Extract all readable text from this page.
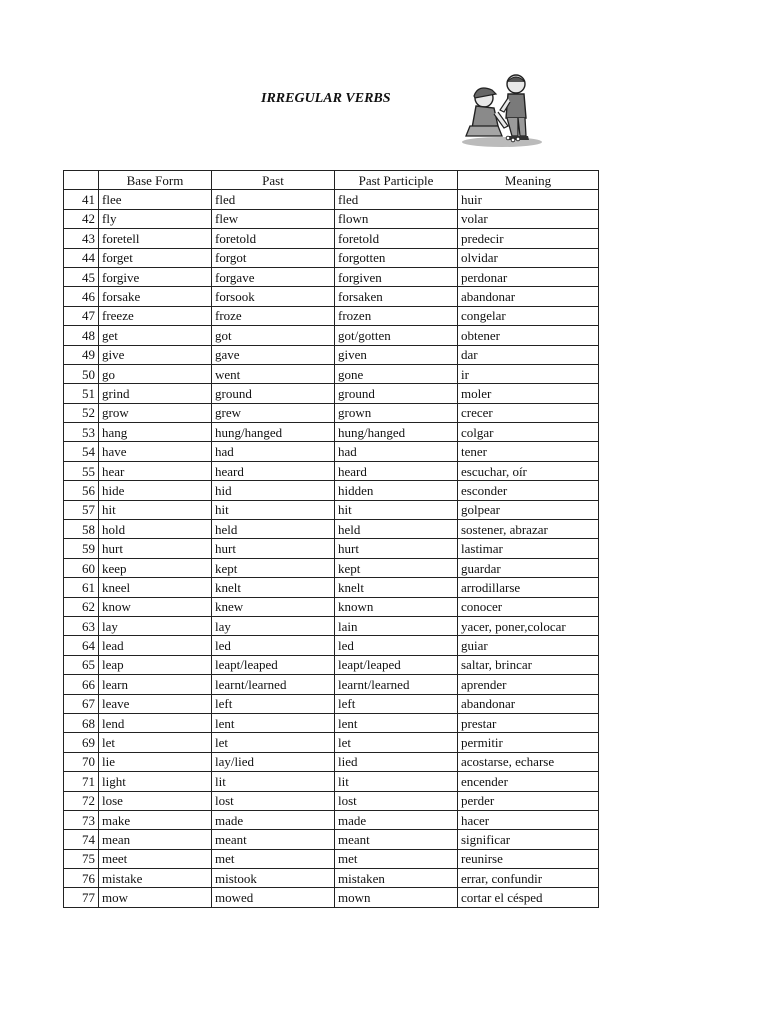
IRREGULAR VERBS
	Base Form	Past	Past Participle	Meaning
41	flee	fled	fled	huir
42	fly	flew	flown	volar
43	foretell	foretold	foretold	predecir
44	forget	forgot	forgotten	olvidar
45	forgive	forgave	forgiven	perdonar
46	forsake	forsook	forsaken	abandonar
47	freeze	froze	frozen	congelar
48	get	got	got/gotten	obtener
49	give	gave	given	dar
50	go	went	gone	ir
51	grind	ground	ground	moler
52	grow	grew	grown	crecer
53	hang	hung/hanged	hung/hanged	colgar
54	have	had	had	tener
55	hear	heard	heard	escuchar, oír
56	hide	hid	hidden	esconder
57	hit	hit	hit	golpear
58	hold	held	held	sostener, abrazar
59	hurt	hurt	hurt	lastimar
60	keep	kept	kept	guardar
61	kneel	knelt	knelt	arrodillarse
62	know	knew	known	conocer
63	lay	lay	lain	yacer, poner,colocar
64	lead	led	led	guiar
65	leap	leapt/leaped	leapt/leaped	saltar, brincar
66	learn	learnt/learned	learnt/learned	aprender
67	leave	left	left	abandonar
68	lend	lent	lent	prestar
69	let	let	let	permitir
70	lie	lay/lied	lied	acostarse, echarse
71	light	lit	lit	encender
72	lose	lost	lost	perder
73	make	made	made	hacer
74	mean	meant	meant	significar
75	meet	met	met	reunirse
76	mistake	mistook	mistaken	errar, confundir
77	mow	mowed	mown	cortar el césped
